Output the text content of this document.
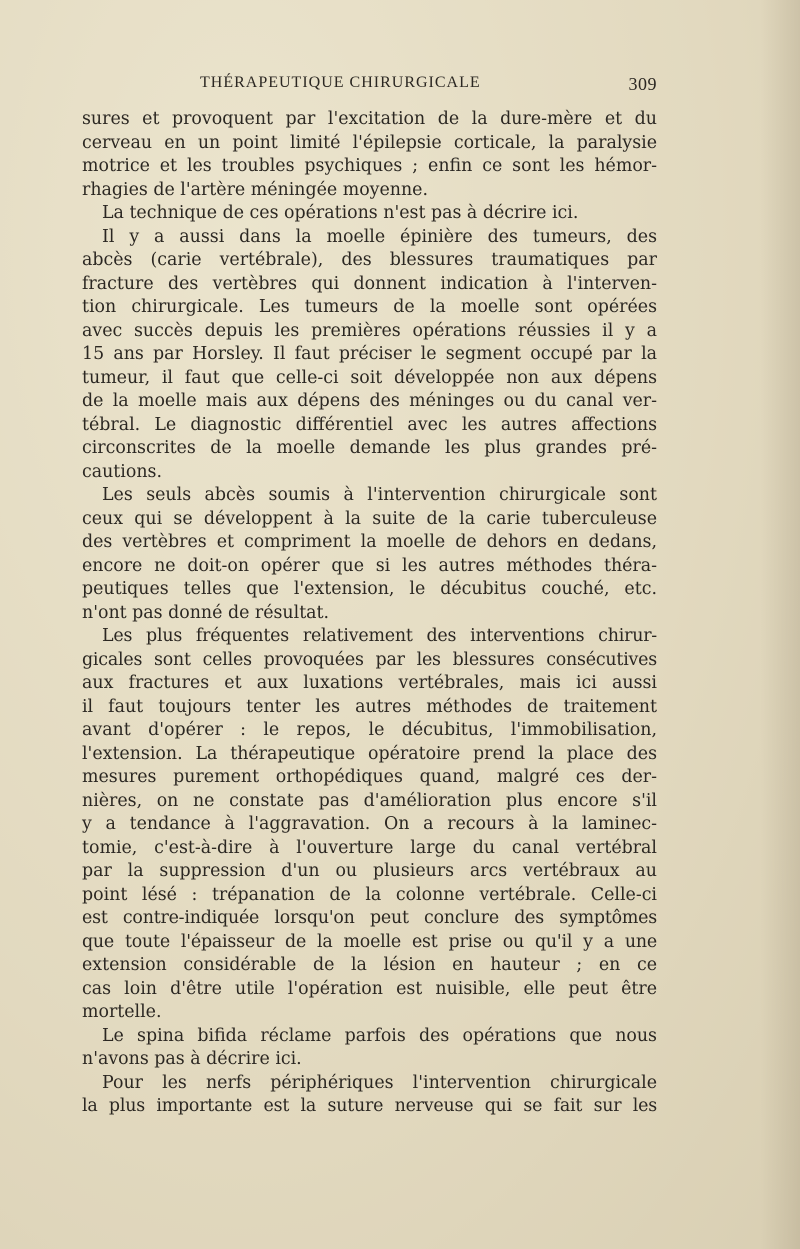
THÉRAPEUTIQUE CHIRURGICALE	309

sures et provoquent par l'excitation de la dure-mère et du

cerveau en un point limité l'épilepsie corticale, la paralysie

motrice et les troubles psychiques ; enfin ce sont les hémor-

rhagies de l'artère méningée moyenne.

La technique de ces opérations n'est pas à décrire ici.

Il y a aussi dans la moelle épinière des tumeurs, des

abcès (carie vertébrale), des blessures traumatiques par

fracture des vertèbres qui donnent indication à l'interven-

tion chirurgicale. Les tumeurs de la moelle sont opérées

avec succès depuis les premières opérations réussies il y a

15 ans par Horsley. Il faut préciser le segment occupé par la

tumeur, il faut que celle-ci soit développée non aux dépens

de la moelle mais aux dépens des méninges ou du canal ver-

tébral. Le diagnostic différentiel avec les autres affections

circonscrites de la moelle demande les plus grandes pré-

cautions.

Les seuls abcès soumis à l'intervention chirurgicale sont

ceux qui se développent à la suite de la carie tuberculeuse

des vertèbres et compriment la moelle de dehors en dedans,

encore ne doit-on opérer que si les autres méthodes théra-

peutiques telles que l'extension, le décubitus couché, etc.

n'ont pas donné de résultat.

Les plus fréquentes relativement des interventions chirur-

gicales sont celles provoquées par les blessures consécutives

aux fractures et aux luxations vertébrales, mais ici aussi

il faut toujours tenter les autres méthodes de traitement

avant d'opérer : le repos, le décubitus, l'immobilisation,

l'extension. La thérapeutique opératoire prend la place des

mesures purement orthopédiques quand, malgré ces der-

nières, on ne constate pas d'amélioration plus encore s'il

y a tendance à l'aggravation. On a recours à la laminec-

tomie, c'est-à-dire à l'ouverture large du canal vertébral

par la suppression d'un ou plusieurs arcs vertébraux au

point lésé : trépanation de la colonne vertébrale. Celle-ci

est contre-indiquée lorsqu'on peut conclure des symptômes

que toute l'épaisseur de la moelle est prise ou qu'il y a une

extension considérable de la lésion en hauteur ; en ce

cas loin d'être utile l'opération est nuisible, elle peut être

mortelle.

Le spina bifida réclame parfois des opérations que nous

n'avons pas à décrire ici.

Pour les nerfs périphériques l'intervention chirurgicale

la plus importante est la suture nerveuse qui se fait sur les
